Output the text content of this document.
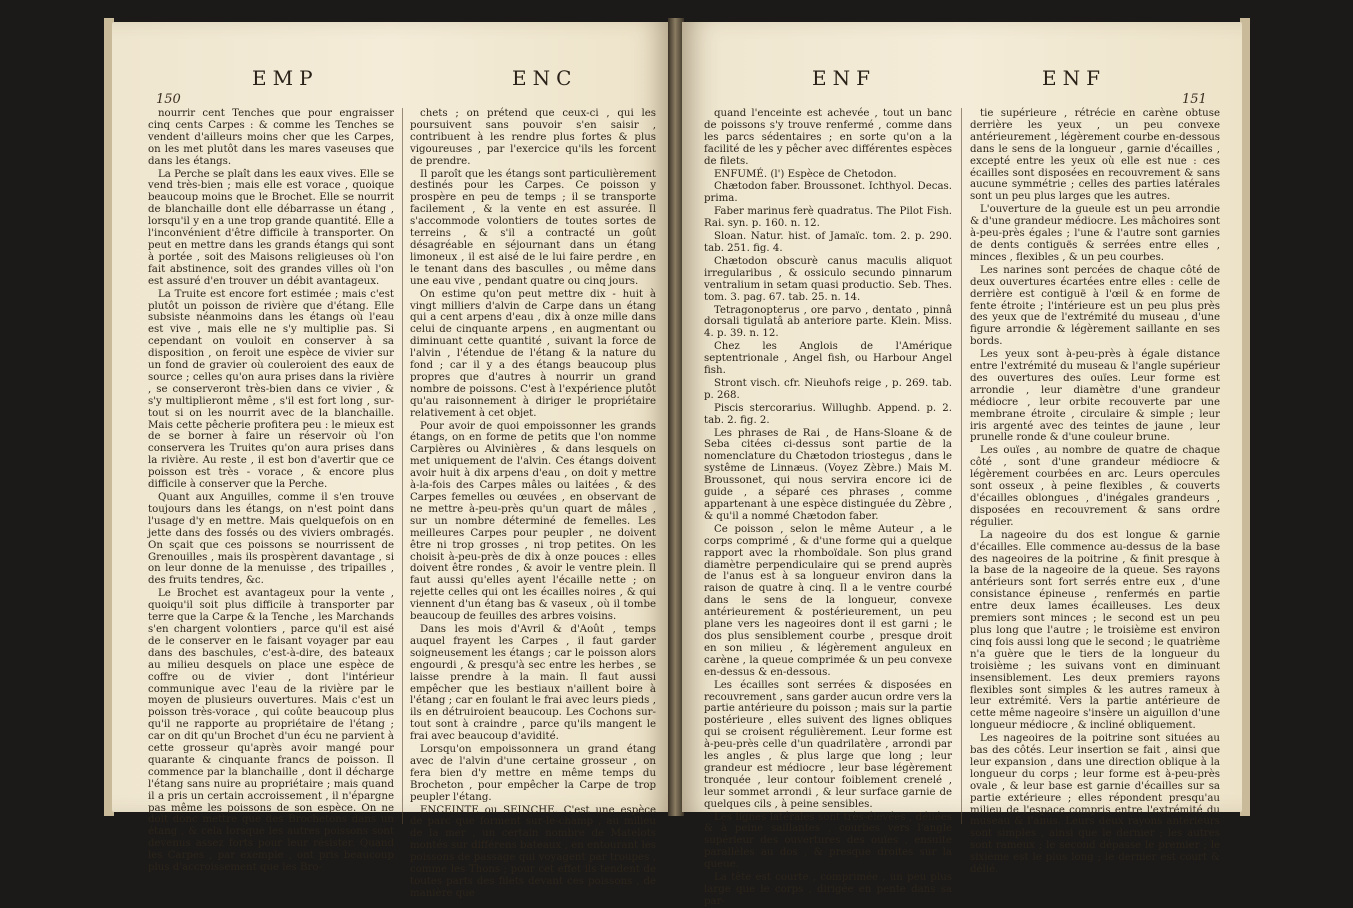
150
EMP	ENC

nourrir cent Tenches que pour engraisser cinq cents Carpes : & comme les Tenches se vendent d'ailleurs moins cher que les Carpes, on les met plutôt dans les mares vaseuses que dans les étangs.

La Perche se plaît dans les eaux vives. Elle se vend très-bien ; mais elle est vorace , quoique beaucoup moins que le Brochet. Elle se nourrit de blanchaille dont elle débarrasse un étang , lorsqu'il y en a une trop grande quantité. Elle a l'inconvénient d'être difficile à transporter. On peut en mettre dans les grands étangs qui sont à portée , soit des Maisons religieuses où l'on fait abstinence, soit des grandes villes où l'on est assuré d'en trouver un débit avantageux.

La Truite est encore fort estimée ; mais c'est plutôt un poisson de rivière que d'étang. Elle subsiste néanmoins dans les étangs où l'eau est vive , mais elle ne s'y multiplie pas. Si cependant on vouloit en conserver à sa disposition , on feroit une espèce de vivier sur un fond de gravier où couleroient des eaux de source ; celles qu'on aura prises dans la rivière , se conserveront très-bien dans ce vivier , & s'y multiplieront même , s'il est fort long , sur-tout si on les nourrit avec de la blanchaille. Mais cette pêcherie profitera peu : le mieux est de se borner à faire un réservoir où l'on conservera les Truites qu'on aura prises dans la rivière. Au reste , il est bon d'avertir que ce poisson est très - vorace , & encore plus difficile à conserver que la Perche.

Quant aux Anguilles, comme il s'en trouve toujours dans les étangs, on n'est point dans l'usage d'y en mettre. Mais quelquefois on en jette dans des fossés ou des viviers ombragés. On sçait que ces poissons se nourrissent de Grenouilles , mais ils prospèrent davantage , si on leur donne de la menuisse , des tripailles , des fruits tendres, &c.

Le Brochet est avantageux pour la vente , quoiqu'il soit plus difficile à transporter par terre que la Carpe & la Tenche , les Marchands s'en chargent volontiers , parce qu'il est aisé de le conserver en le faisant voyager par eau dans des baschules, c'est-à-dire, des bateaux au milieu desquels on place une espèce de coffre ou de vivier , dont l'intérieur communique avec l'eau de la rivière par le moyen de plusieurs ouvertures. Mais c'est un poisson très-vorace , qui coûte beaucoup plus qu'il ne rapporte au propriétaire de l'étang ; car on dit qu'un Brochet d'un écu ne parvient à cette grosseur qu'après avoir mangé pour quarante & cinquante francs de poisson. Il commence par la blanchaille , dont il décharge l'étang sans nuire au propriétaire ; mais quand il a pris un certain accroissement , il n'épargne pas même les poissons de son espèce. On ne doit donc mettre que des Brochetons dans un étang , & cela lorsque les autres poissons sont devenus assez forts pour leur résister. Quand les Carpes , par exemple , ont pris beaucoup plus d'accroissement que les Bro-

chets ; on prétend que ceux-ci , qui les poursuivent sans pouvoir s'en saisir , contribuent à les rendre plus fortes & plus vigoureuses , par l'exercice qu'ils les forcent de prendre.

Il paroît que les étangs sont particulièrement destinés pour les Carpes. Ce poisson y prospère en peu de temps ; il se transporte facilement , & la vente en est assurée. Il s'accommode volontiers de toutes sortes de terreins , & s'il a contracté un goût désagréable en séjournant dans un étang limoneux , il est aisé de le lui faire perdre , en le tenant dans des basculles , ou même dans une eau vive , pendant quatre ou cinq jours.

On estime qu'on peut mettre dix - huit à vingt milliers d'alvin de Carpe dans un étang qui a cent arpens d'eau , dix à onze mille dans celui de cinquante arpens , en augmentant ou diminuant cette quantité , suivant la force de l'alvin , l'étendue de l'étang & la nature du fond ; car il y a des étangs beaucoup plus propres que d'autres à nourrir un grand nombre de poissons. C'est à l'expérience plutôt qu'au raisonnement à diriger le propriétaire relativement à cet objet.

Pour avoir de quoi empoissonner les grands étangs, on en forme de petits que l'on nomme Carpières ou Alvinières , & dans lesquels on met uniquement de l'alvin. Ces étangs doivent avoir huit à dix arpens d'eau , on doit y mettre à-la-fois des Carpes mâles ou laitées , & des Carpes femelles ou œuvées , en observant de ne mettre à-peu-près qu'un quart de mâles , sur un nombre déterminé de femelles. Les meilleures Carpes pour peupler , ne doivent être ni trop grosses , ni trop petites. On les choisit à-peu-près de dix à onze pouces : elles doivent être rondes , & avoir le ventre plein. Il faut aussi qu'elles ayent l'écaille nette ; on rejette celles qui ont les écailles noires , & qui viennent d'un étang bas & vaseux , où il tombe beaucoup de feuilles des arbres voisins.

Dans les mois d'Avril & d'Août , temps auquel frayent les Carpes , il faut garder soigneusement les étangs ; car le poisson alors engourdi , & presqu'à sec entre les herbes , se laisse prendre à la main. Il faut aussi empêcher que les bestiaux n'aillent boire à l'étang ; car en foulant le frai avec leurs pieds , ils en détruiroient beaucoup. Les Cochons sur-tout sont à craindre , parce qu'ils mangent le frai avec beaucoup d'avidité.

Lorsqu'on empoissonnera un grand étang avec de l'alvin d'une certaine grosseur , on fera bien d'y mettre en même temps du Brocheton , pour empêcher la Carpe de trop peupler l'étang.

ENCEINTE ou SEINCHE. C'est une espèce de parc que forment sur-le-champ , au milieu de la mer , un certain nombre de Matelots montés sur différens bateaux , en entourant les poissons de passage qui voyagent par troupes , comme les Thons ; pour cet effet ils tendent de toutes parts des filets devant ces poissons , de manière que

ENF	ENF
151

quand l'enceinte est achevée , tout un banc de poissons s'y trouve renfermé , comme dans les parcs sédentaires ; en sorte qu'on a la facilité de les y pêcher avec différentes espèces de filets.

ENFUMÉ. (l') Espèce de Chetodon.

Chætodon faber. Broussonet. Ichthyol. Decas. prima.

Faber marinus ferè quadratus. The Pilot Fish. Rai. syn. p. 160. n. 12.

Sloan. Natur. hist. of Jamaïc. tom. 2. p. 290. tab. 251. fig. 4.

Chætodon obscurè canus maculis aliquot irregularibus , & ossiculo secundo pinnarum ventralium in setam quasi productio. Seb. Thes. tom. 3. pag. 67. tab. 25. n. 14.

Tetragonopterus , ore parvo , dentato , pinnâ dorsali tigulatâ ab anteriore parte. Klein. Miss. 4. p. 39. n. 12.

Chez les Anglois de l'Amérique septentrionale , Angel fish, ou Harbour Angel fish.

Stront visch. cfr. Nieuhofs reige , p. 269. tab. p. 268.

Piscis stercorarius. Willughb. Append. p. 2. tab. 2. fig. 2.

Les phrases de Rai , de Hans-Sloane & de Seba citées ci-dessus sont partie de la nomenclature du Chætodon triostegus , dans le systême de Linnæus. (Voyez Zèbre.) Mais M. Broussonet, qui nous servira encore ici de guide , a séparé ces phrases , comme appartenant à une espèce distinguée du Zèbre , & qu'il a nommé Chætodon faber.

Ce poisson , selon le même Auteur , a le corps comprimé , & d'une forme qui a quelque rapport avec la rhomboïdale. Son plus grand diamètre perpendiculaire qui se prend auprès de l'anus est à sa longueur environ dans la raison de quatre à cinq. Il a le ventre courbé dans le sens de la longueur, convexe antérieurement & postérieurement, un peu plane vers les nageoires dont il est garni ; le dos plus sensiblement courbe , presque droit en son milieu , & légèrement anguleux en carène , la queue comprimée & un peu convexe en-dessus & en-dessous.

Les écailles sont serrées & disposées en recouvrement , sans garder aucun ordre vers la partie antérieure du poisson ; mais sur la partie postérieure , elles suivent des lignes obliques qui se croisent régulièrement. Leur forme est à-peu-près celle d'un quadrilatère , arrondi par les angles , & plus large que long ; leur grandeur est médiocre , leur base légèrement tronquée , leur contour foiblement crenelé , leur sommet arrondi , & leur surface garnie de quelques cils , à peine sensibles.

Les lignes latérales sont très-élevées , déliées & à peine saillantes , courbes vers l'angle supérieur des ouvertures des ouïes , ensuite parallèles au dos , & presque droites sur la queue.

La tête est courte , comprimée , un peu plus large que le corps , dirigée en pente dans sa par-

tie supérieure , rétrécie en carène obtuse derrière les yeux , un peu convexe antérieurement , légèrement courbe en-dessous dans le sens de la longueur , garnie d'écailles , excepté entre les yeux où elle est nue : ces écailles sont disposées en recouvrement & sans aucune symmétrie ; celles des parties latérales sont un peu plus larges que les autres.

L'ouverture de la gueule est un peu arrondie & d'une grandeur médiocre. Les mâchoires sont à-peu-près égales ; l'une & l'autre sont garnies de dents contiguës & serrées entre elles , minces , flexibles , & un peu courbes.

Les narines sont percées de chaque côté de deux ouvertures écartées entre elles : celle de derrière est contiguë à l'œil & en forme de fente étroite ; l'intérieure est un peu plus près des yeux que de l'extrémité du museau , d'une figure arrondie & légèrement saillante en ses bords.

Les yeux sont à-peu-près à égale distance entre l'extrémité du museau & l'angle supérieur des ouvertures des ouïes. Leur forme est arrondie , leur diamètre d'une grandeur médiocre , leur orbite recouverte par une membrane étroite , circulaire & simple ; leur iris argenté avec des teintes de jaune , leur prunelle ronde & d'une couleur brune.

Les ouïes , au nombre de quatre de chaque côté , sont d'une grandeur médiocre & légèrement courbées en arc. Leurs opercules sont osseux , à peine flexibles , & couverts d'écailles oblongues , d'inégales grandeurs , disposées en recouvrement & sans ordre régulier.

La nageoire du dos est longue & garnie d'écailles. Elle commence au-dessus de la base des nageoires de la poitrine , & finit presque à la base de la nageoire de la queue. Ses rayons antérieurs sont fort serrés entre eux , d'une consistance épineuse , renfermés en partie entre deux lames écailleuses. Les deux premiers sont minces ; le second est un peu plus long que l'autre ; le troisième est environ cinq fois aussi long que le second ; le quatrième n'a guère que le tiers de la longueur du troisième ; les suivans vont en diminuant insensiblement. Les deux premiers rayons flexibles sont simples & les autres rameux à leur extrémité. Vers la partie antérieure de cette même nageoire s'insère un aiguillon d'une longueur médiocre , & incliné obliquement.

Les nageoires de la poitrine sont situées au bas des côtés. Leur insertion se fait , ainsi que leur expansion , dans une direction oblique à la longueur du corps ; leur forme est à-peu-près ovale , & leur base est garnie d'écailles sur sa partie extérieure ; elles répondent presqu'au milieu de l'espace compris entre l'extrémité du museau & l'anus. Leurs deux rayons antérieurs sont simples , ainsi que le dernier ; les autres sont rameux ; le second dépasse le premier ; le sixième est le plus long ; le dernier est court & délié.
